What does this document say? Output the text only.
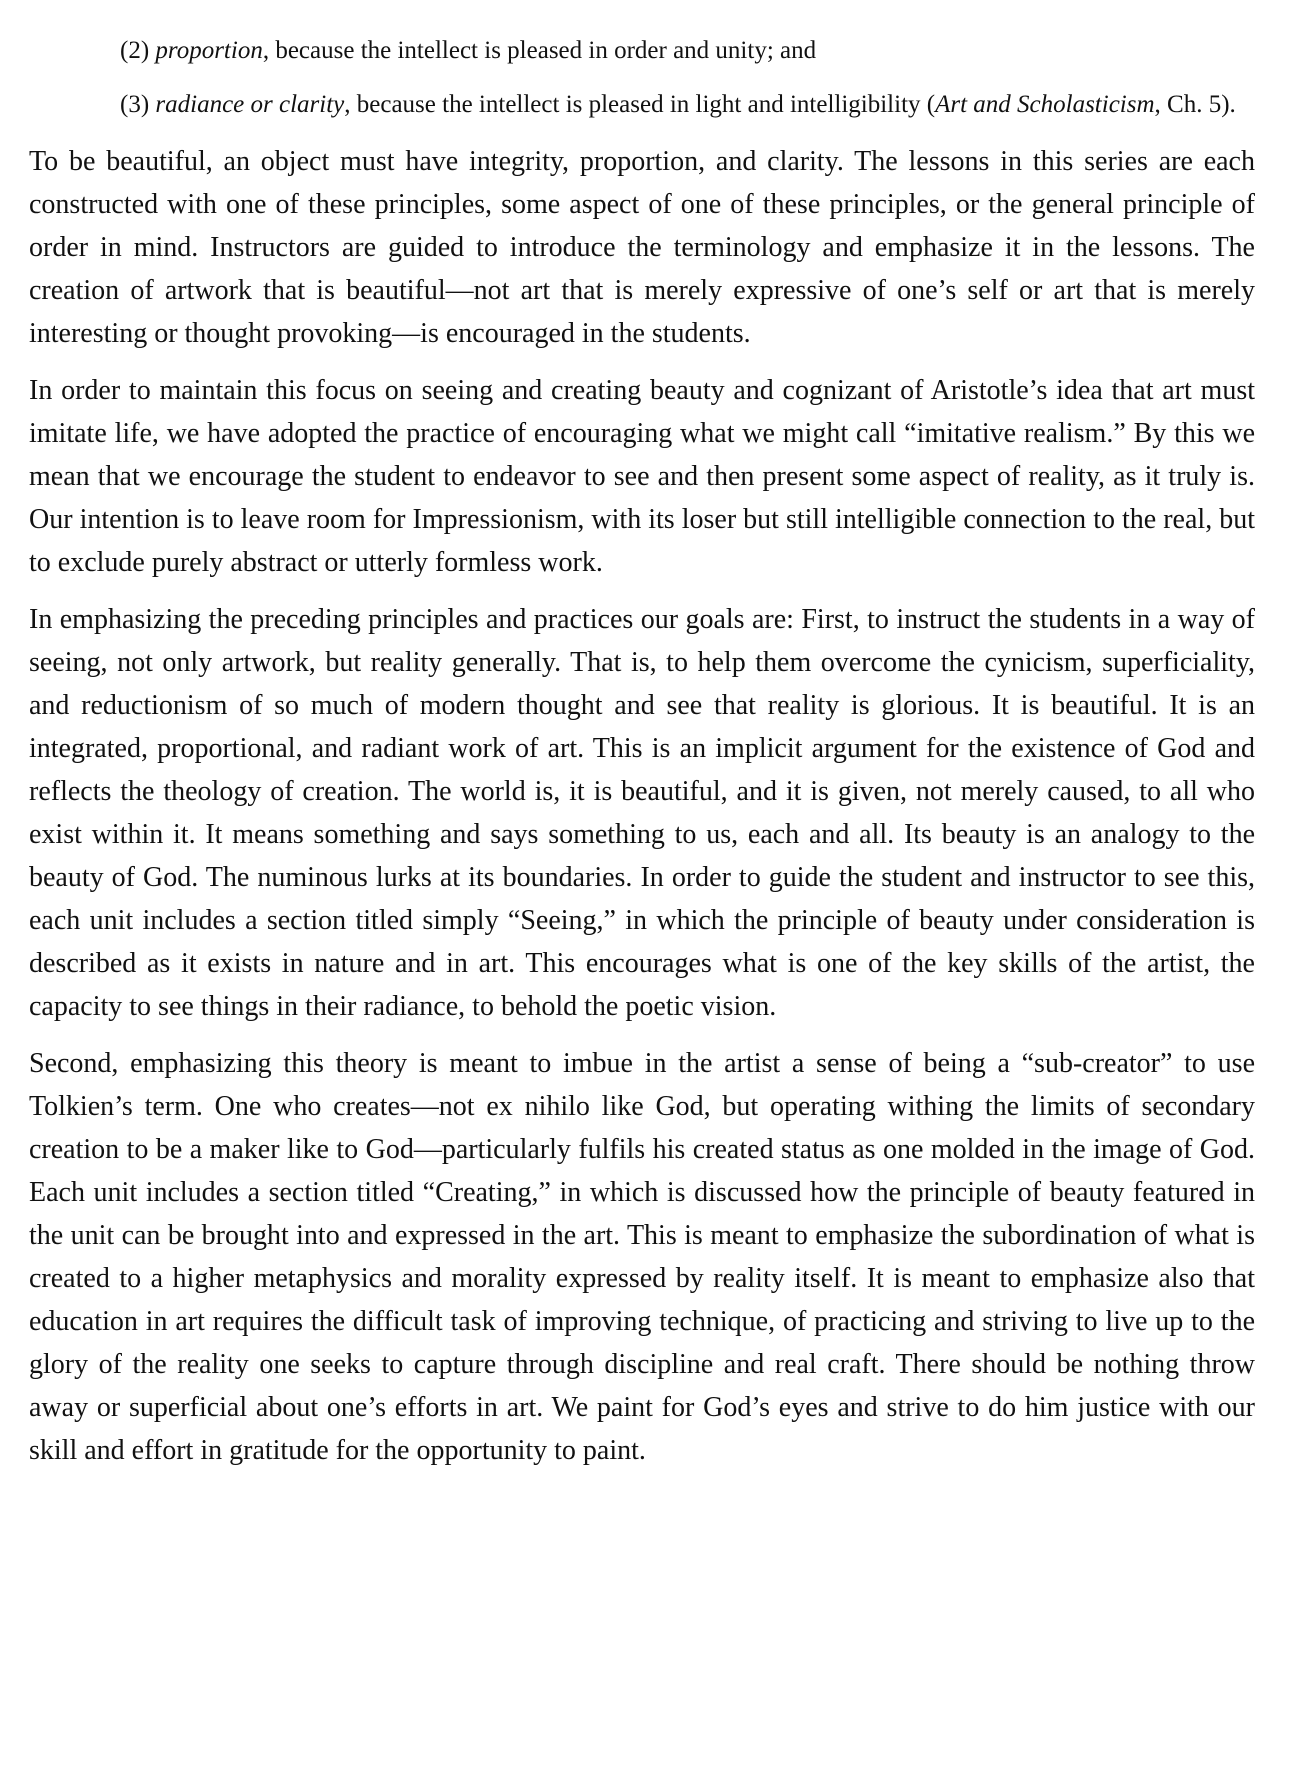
(2) proportion, because the intellect is pleased in order and unity; and
(3) radiance or clarity, because the intellect is pleased in light and intelligibility (Art and Scholasticism, Ch. 5).

To be beautiful, an object must have integrity, proportion, and clarity. The lessons in this series are each constructed with one of these principles, some aspect of one of these principles, or the general principle of order in mind. Instructors are guided to introduce the terminology and emphasize it in the lessons. The creation of artwork that is beautiful—not art that is merely expressive of one’s self or art that is merely interesting or thought provoking—is encouraged in the students.

In order to maintain this focus on seeing and creating beauty and cognizant of Aristotle’s idea that art must imitate life, we have adopted the practice of encouraging what we might call “imitative realism.” By this we mean that we encourage the student to endeavor to see and then present some aspect of reality, as it truly is. Our intention is to leave room for Impressionism, with its loser but still intelligible connection to the real, but to exclude purely abstract or utterly formless work.

In emphasizing the preceding principles and practices our goals are: First, to instruct the students in a way of seeing, not only artwork, but reality generally. That is, to help them overcome the cynicism, superficiality, and reductionism of so much of modern thought and see that reality is glorious. It is beautiful. It is an integrated, proportional, and radiant work of art. This is an implicit argument for the existence of God and reflects the theology of creation. The world is, it is beautiful, and it is given, not merely caused, to all who exist within it. It means something and says something to us, each and all. Its beauty is an analogy to the beauty of God. The numinous lurks at its boundaries. In order to guide the student and instructor to see this, each unit includes a section titled simply “Seeing,” in which the principle of beauty under consideration is described as it exists in nature and in art. This encourages what is one of the key skills of the artist, the capacity to see things in their radiance, to behold the poetic vision.

Second, emphasizing this theory is meant to imbue in the artist a sense of being a “sub-creator” to use Tolkien’s term. One who creates—not ex nihilo like God, but operating withing the limits of secondary creation to be a maker like to God—particularly fulfils his created status as one molded in the image of God. Each unit includes a section titled “Creating,” in which is discussed how the principle of beauty featured in the unit can be brought into and expressed in the art. This is meant to emphasize the subordination of what is created to a higher metaphysics and morality expressed by reality itself. It is meant to emphasize also that education in art requires the difficult task of improving technique, of practicing and striving to live up to the glory of the reality one seeks to capture through discipline and real craft. There should be nothing throw away or superficial about one’s efforts in art. We paint for God’s eyes and strive to do him justice with our skill and effort in gratitude for the opportunity to paint.
